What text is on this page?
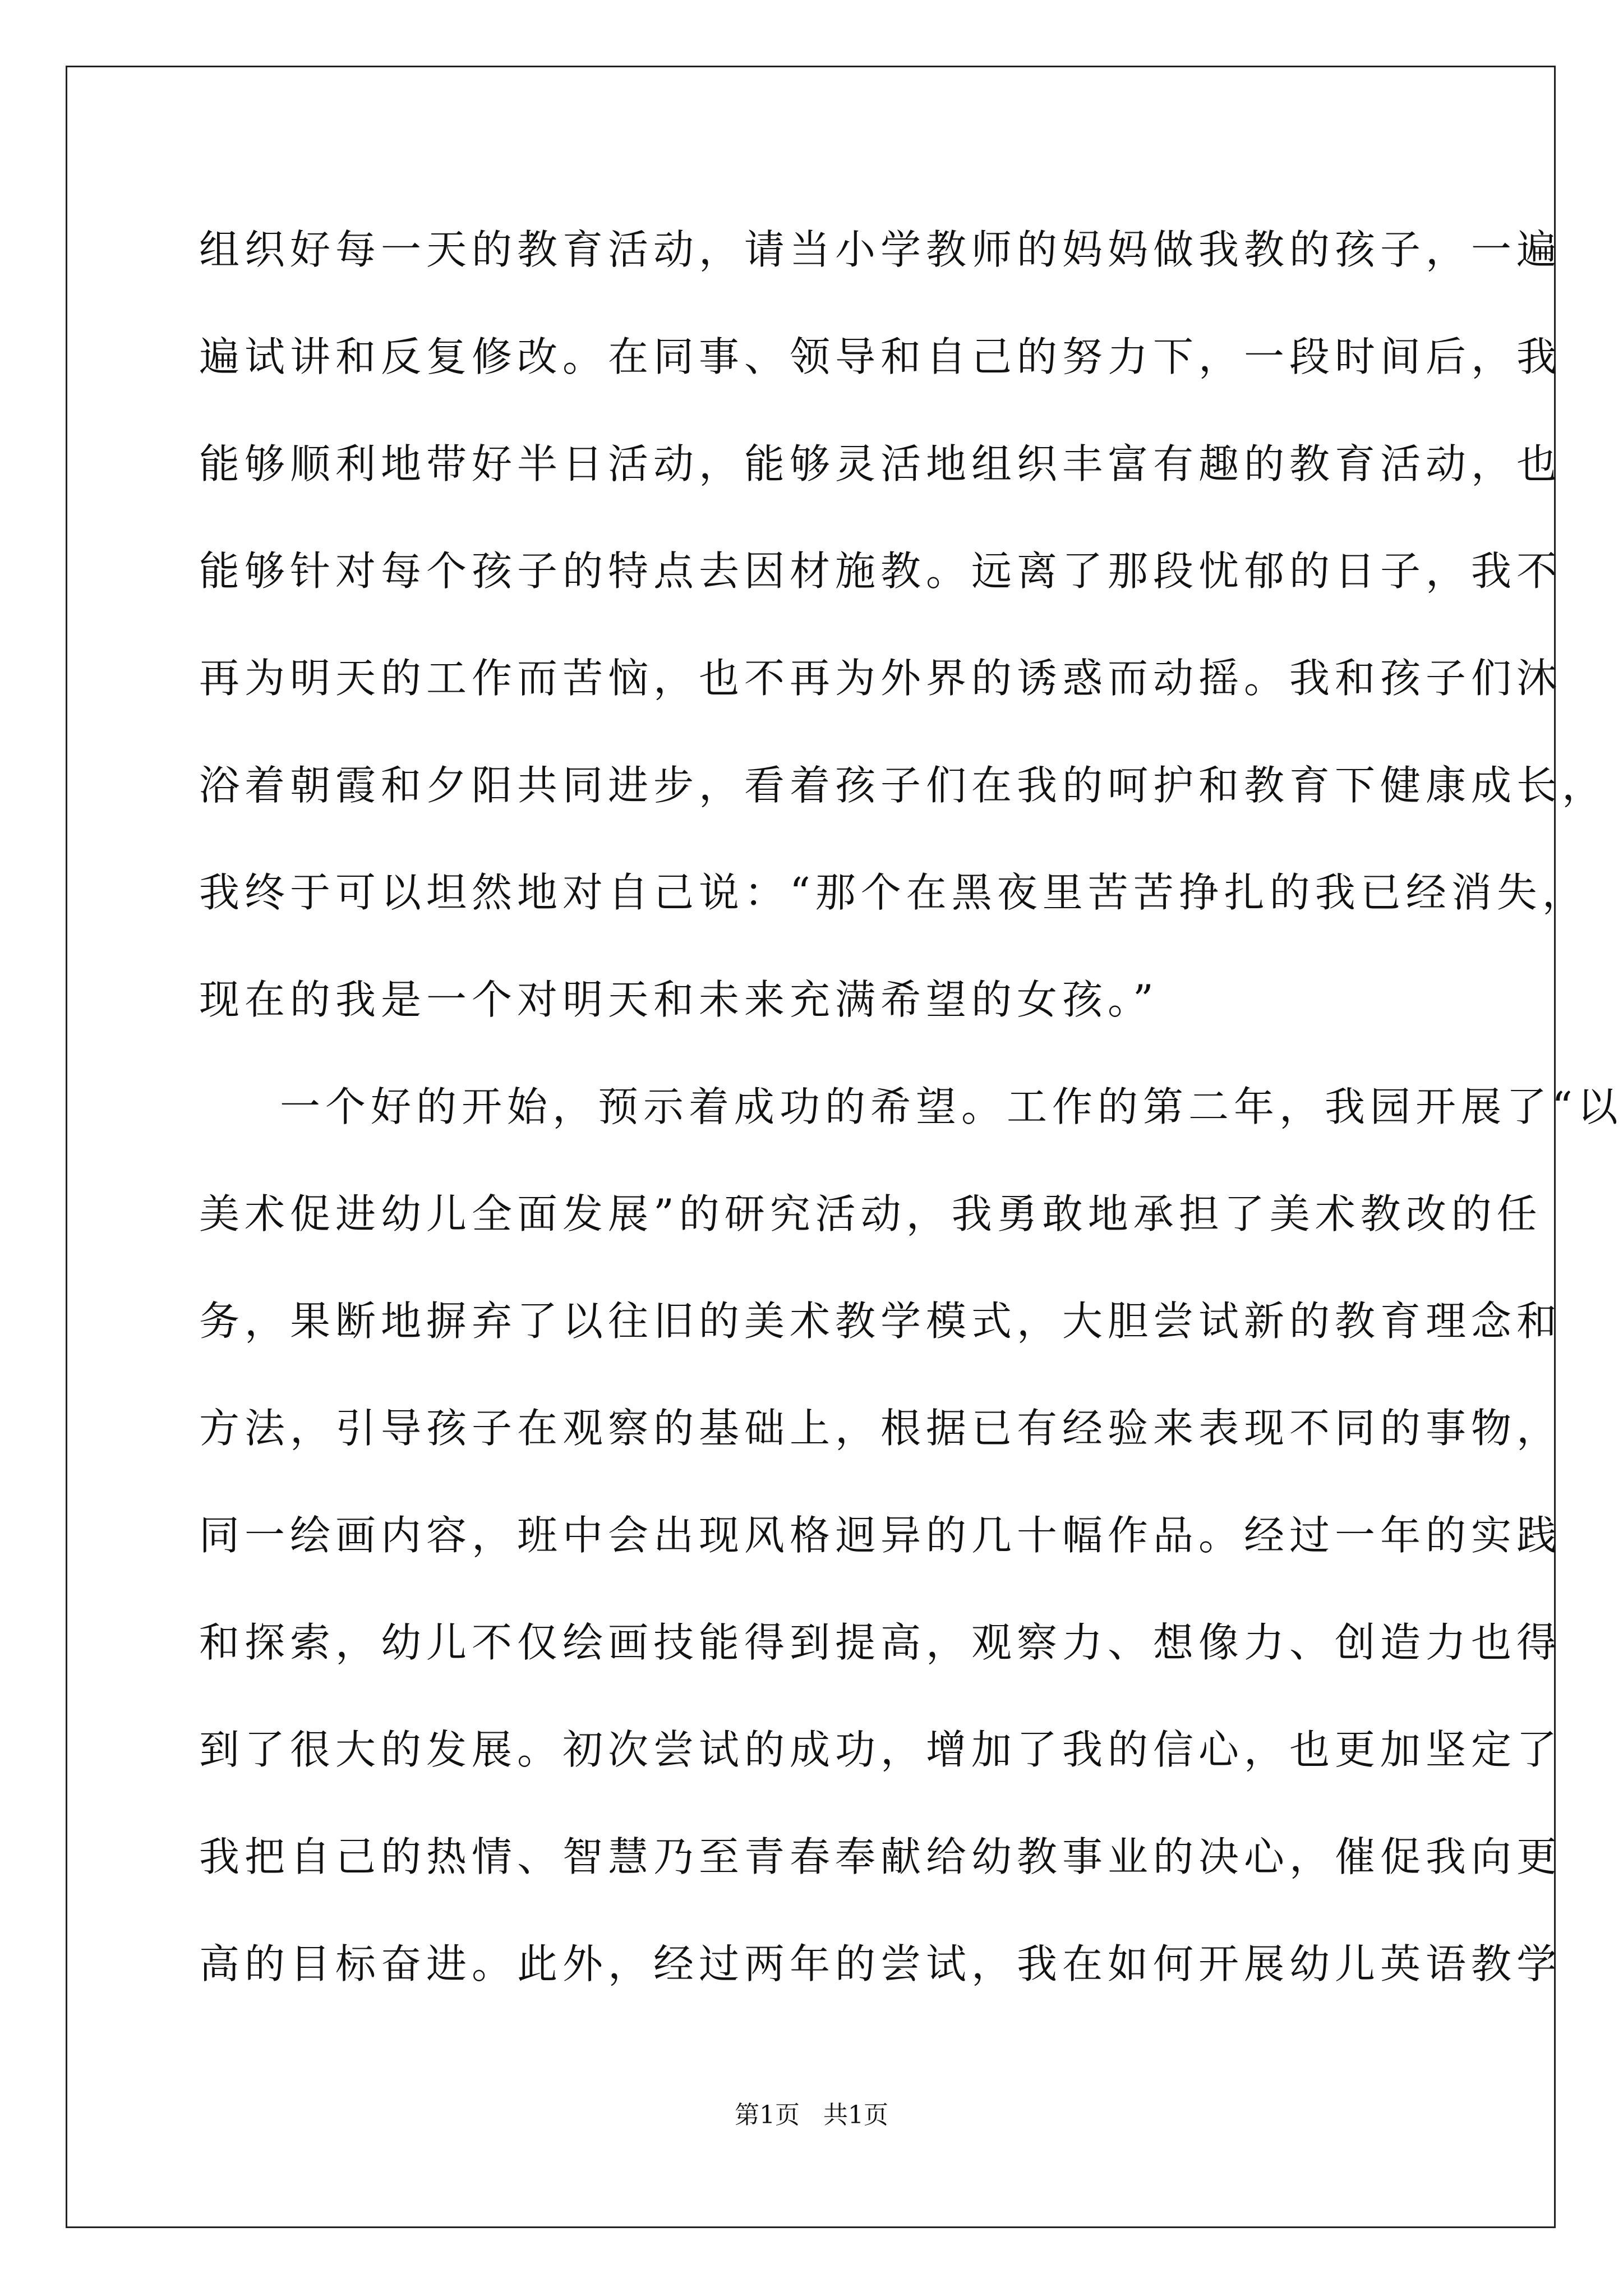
组织好每一天的教育活动，请当小学教师的妈妈做我教的孩子，一遍
遍试讲和反复修改。在同事、领导和自己的努力下，一段时间后，我
能够顺利地带好半日活动，能够灵活地组织丰富有趣的教育活动，也
能够针对每个孩子的特点去因材施教。远离了那段忧郁的日子，我不
再为明天的工作而苦恼，也不再为外界的诱惑而动摇。我和孩子们沐
浴着朝霞和夕阳共同进步，看着孩子们在我的呵护和教育下健康成长，
我终于可以坦然地对自己说：“那个在黑夜里苦苦挣扎的我已经消失，
现在的我是一个对明天和未来充满希望的女孩。”
一个好的开始，预示着成功的希望。工作的第二年，我园开展了“以
美术促进幼儿全面发展”的研究活动，我勇敢地承担了美术教改的任
务，果断地摒弃了以往旧的美术教学模式，大胆尝试新的教育理念和
方法，引导孩子在观察的基础上，根据已有经验来表现不同的事物，
同一绘画内容，班中会出现风格迥异的几十幅作品。经过一年的实践
和探索，幼儿不仅绘画技能得到提高，观察力、想像力、创造力也得
到了很大的发展。初次尝试的成功，增加了我的信心，也更加坚定了
我把自己的热情、智慧乃至青春奉献给幼教事业的决心，催促我向更
高的目标奋进。此外，经过两年的尝试，我在如何开展幼儿英语教学
第1页   共1页
